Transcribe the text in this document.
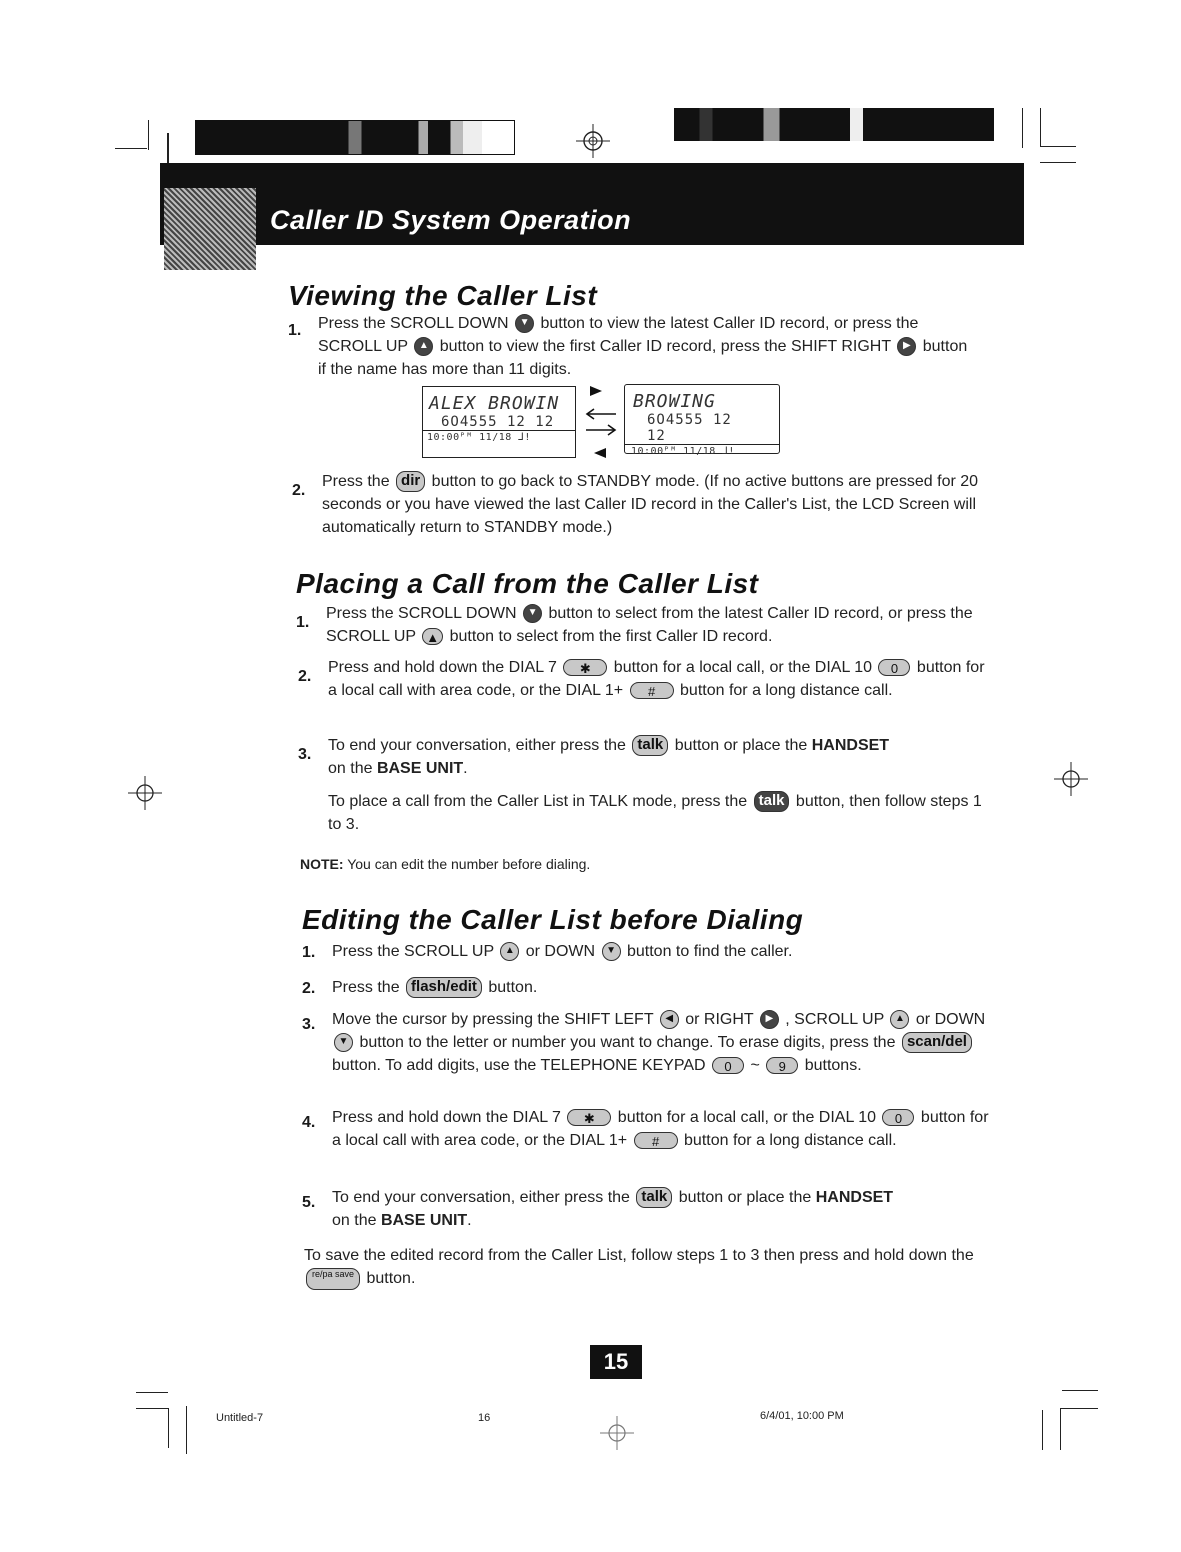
Caller ID System Operation
Viewing the Caller List
1.	Press the SCROLL DOWN ▼ button to view the latest Caller ID record, or press the SCROLL UP ▲ button to view the first Caller ID record, press the SHIFT RIGHT ▶ button if the name has more than 11 digits.
ALEX BROWIN
6O4555 12 12
10:00ᴾᴹ 11/18 ⅃!
BROWING
6O4555 12 12
10:00ᴾᴹ 11/18 ⅃!
2.
Press the dir button to go back to STANDBY mode. (If no active buttons are pressed for 20 seconds or you have viewed the last Caller ID record in the Caller's List, the LCD Screen will automatically return to STANDBY mode.)
Placing a Call from the Caller List
1.
Press the SCROLL DOWN ▼ button to select from the latest Caller ID record, or press the SCROLL UP ▲ button to select from the first Caller ID record.
2.
Press and hold down the DIAL 7 ✱ button for a local call, or the DIAL 10 0 button for a local call with area code, or the DIAL 1+ # button for a long distance call.
3.
To end your conversation, either press the talk button or place the HANDSET
on the BASE UNIT.
To place a call from the Caller List in TALK mode, press the talk button, then follow steps 1 to 3.
NOTE: You can edit the number before dialing.
Editing the Caller List before Dialing
1.	Press the SCROLL UP ▲ or DOWN ▼ button to find the caller.
2.	Press the flash/edit button.
3.	Move the cursor by pressing the SHIFT LEFT ◀ or RIGHT ▶ , SCROLL UP ▲ or DOWN ▼ button to the letter or number you want to change. To erase digits, press the scan/del button. To add digits, use the TELEPHONE KEYPAD 0 ~ 9 buttons.
4.	Press and hold down the DIAL 7 ✱ button for a local call, or the DIAL 10 0 button for a local call with area code, or the DIAL 1+ # button for a long distance call.
5.	To end your conversation, either press the talk button or place the HANDSET
on the BASE UNIT.
To save the edited record from the Caller List, follow steps 1 to 3 then press and hold down the re/pa save button.
15
Untitled-7	16	6/4/01, 10:00 PM
